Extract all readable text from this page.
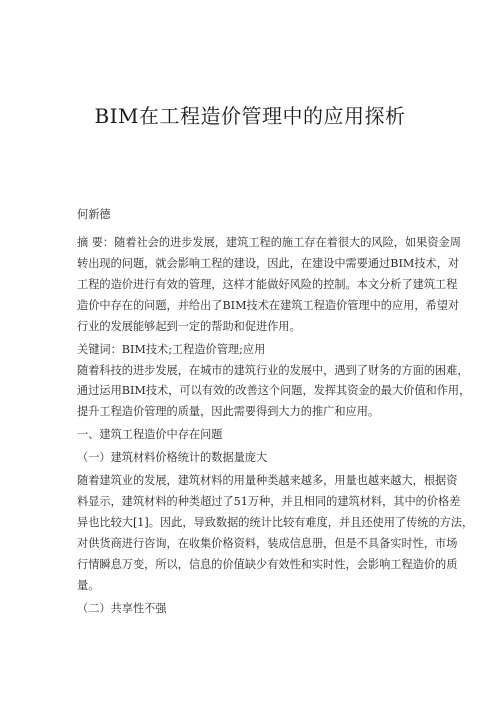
BIM在工程造价管理中的应用探析
何新德
摘 要：随着社会的进步发展，建筑工程的施工存在着很大的风险，如果资金周
转出现的问题，就会影响工程的建设，因此，在建设中需要通过BIM技术，对
工程的造价进行有效的管理，这样才能做好风险的控制。本文分析了建筑工程
造价中存在的问题，并给出了BIM技术在建筑工程造价管理中的应用，希望对
行业的发展能够起到一定的帮助和促进作用。
关键词：BIM技术;工程造价管理;应用
随着科技的进步发展，在城市的建筑行业的发展中，遇到了财务的方面的困难，
通过运用BIM技术，可以有效的改善这个问题，发挥其资金的最大价值和作用，
提升工程造价管理的质量，因此需要得到大力的推广和应用。
一、建筑工程造价中存在问题
（一）建筑材料价格统计的数据量庞大
随着建筑业的发展，建筑材料的用量种类越来越多，用量也越来越大，根据资
料显示，建筑材料的种类超过了51万种，并且相同的建筑材料，其中的价格差
异也比较大[1]。因此，导致数据的统计比较有难度，并且还使用了传统的方法，
对供货商进行咨询，在收集价格资料，装成信息册，但是不具备实时性，市场
行情瞬息万变，所以，信息的价值缺少有效性和实时性，会影响工程造价的质
量。
（二）共享性不强
